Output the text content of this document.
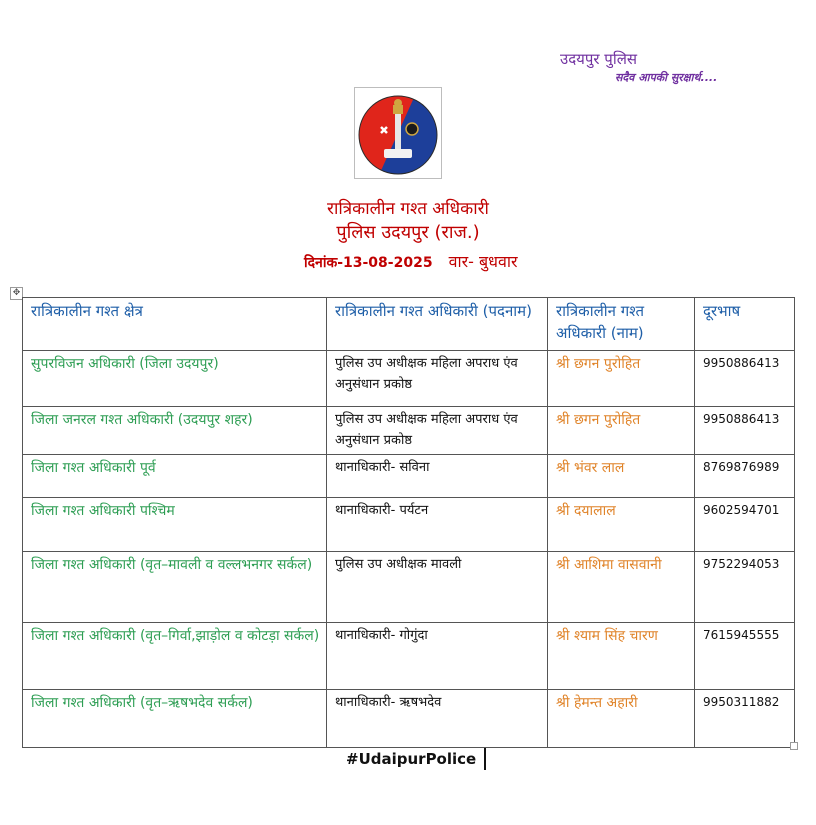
उदयपुर पुलिस
सदैव आपकी सुरक्षार्थ....
रात्रिकालीन गश्त अधिकारी
पुलिस उदयपुर (राज.)
दिनांक-13-08-2025 वार- बुधवार
✥
रात्रिकालीन गश्त क्षेत्र	रात्रिकालीन गश्त अधिकारी (पदनाम)	रात्रिकालीन गश्त अधिकारी (नाम)	दूरभाष
सुपरविजन अधिकारी (जिला उदयपुर)	पुलिस उप अधीक्षक महिला अपराध एंव अनुसंधान प्रकोष्ठ	श्री छगन पुरोहित	9950886413
जिला जनरल गश्त अधिकारी (उदयपुर शहर)	पुलिस उप अधीक्षक महिला अपराध एंव अनुसंधान प्रकोष्ठ	श्री छगन पुरोहित	9950886413
जिला गश्त अधिकारी पूर्व	थानाधिकारी- सविना	श्री भंवर लाल	8769876989
जिला गश्त अधिकारी पश्चिम	थानाधिकारी- पर्यटन	श्री दयालाल	9602594701
जिला गश्त अधिकारी (वृत–मावली व वल्लभनगर सर्कल)	पुलिस उप अधीक्षक मावली	श्री आशिमा वासवानी	9752294053
जिला गश्त अधिकारी (वृत–गिर्वा,झाड़ोल व कोटड़ा सर्कल)	थानाधिकारी- गोगुंदा	श्री श्याम सिंह चारण	7615945555
जिला गश्त अधिकारी (वृत–ऋषभदेव सर्कल)	थानाधिकारी- ऋषभदेव	श्री हेमन्त अहारी	9950311882
#UdaipurPolice
